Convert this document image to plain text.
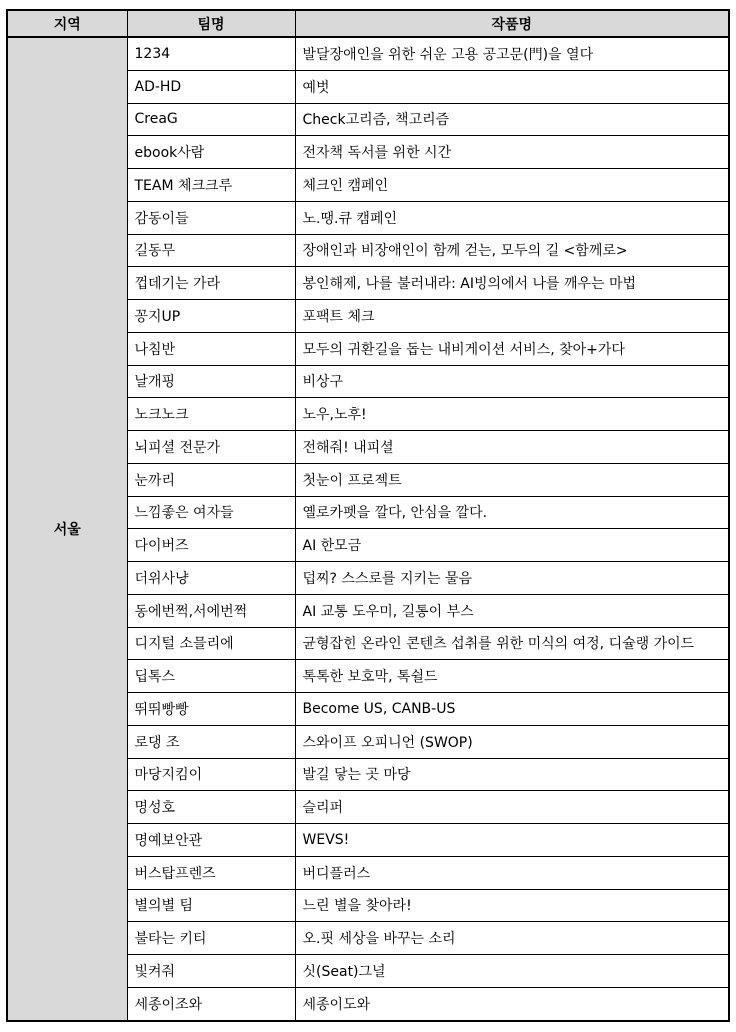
지역	팀명	작품명
서울	1234	발달장애인을 위한 쉬운 고용 공고문(門)을 열다
	AD-HD	예벗
	CreaG	Check고리즘, 책고리즘
	ebook사람	전자책 독서를 위한 시간
	TEAM 체크크루	체크인 캠페인
	감동이들	노.땡.큐 캠페인
	길동무	장애인과 비장애인이 함께 걷는, 모두의 길 <함께로>
	껍데기는 가라	봉인해제, 나를 불러내라: AI빙의에서 나를 깨우는 마법
	꽁지UP	포팩트 체크
	나침반	모두의 귀환길을 돕는 내비게이션 서비스, 찾아+가다
	날개핑	비상구
	노크노크	노우,노후!
	뇌피셜 전문가	전해줘! 내피셜
	눈까리	첫눈이 프로젝트
	느낌좋은 여자들	옐로카펫을 깔다, 안심을 깔다.
	다이버즈	AI 한모금
	더위사냥	덥찌? 스스로를 지키는 물음
	동에번쩍,서에번쩍	AI 교통 도우미, 길통이 부스
	디지털 소믈리에	균형잡힌 온라인 콘텐츠 섭취를 위한 미식의 여정, 디슐랭 가이드
	딥톡스	톡톡한 보호막, 톡쉴드
	뛰뛰빵빵	Become US, CANB-US
	로댕 조	스와이프 오피니언 (SWOP)
	마당지킴이	발길 닿는 곳 마당
	명성호	슬리퍼
	명예보안관	WEVS!
	버스탑프렌즈	버디플러스
	별의별 팀	느린 별을 찾아라!
	불타는 키티	오.핏 세상을 바꾸는 소리
	빛켜줘	싯(Seat)그널
	세종이조와	세종이도와
